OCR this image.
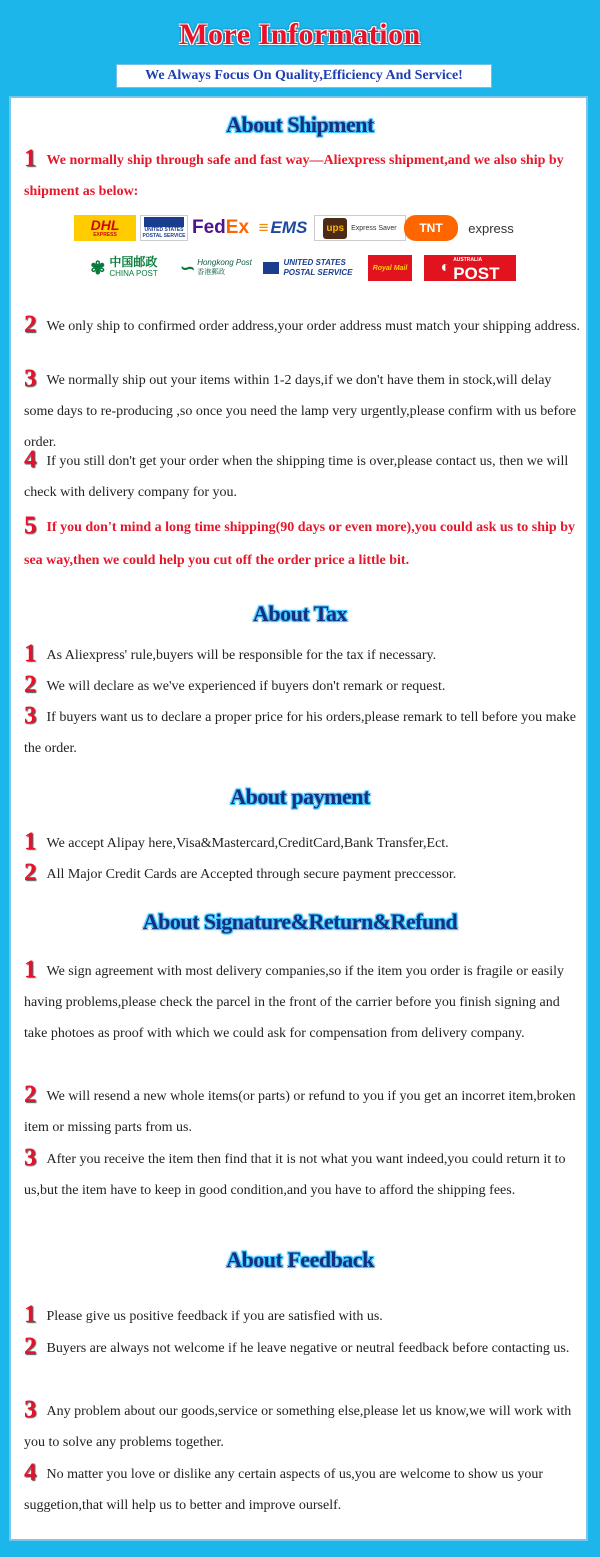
More Information
We Always Focus On Quality,Efficiency And Service!
About Shipment
1 We normally ship through safe and fast way—Aliexpress shipment,and we also ship by shipment as below:
DHL
EXPRESS
UNITED STATES
POSTAL SERVICE Fed Ex ≡ EMS	ups	Express Saver TNT	express
✾ 中国邮政
CHINA POST ∽ Hongkong Post
香港郵政
UNITED STATES
POSTAL SERVICE	Royal Mail ◐ AUSTRALIA
POST
2 We only ship to confirmed order address,your order address must match your shipping address.
3 We normally ship out your items within 1-2 days,if we don't have them in stock,will delay some days to re-producing ,so once you need the lamp very urgently,please confirm with us before order.
4 If you still don't get your order when the shipping time is over,please contact us, then we will check with delivery company for you.
5 If you don't mind a long time shipping(90 days or even more),you could ask us to ship by sea way,then we could help you cut off the order price a little bit.
About Tax
1 As Aliexpress' rule,buyers will be responsible for the tax if necessary.
2 We will declare as we've experienced if buyers don't remark or request.
3 If buyers want us to declare a proper price for his orders,please remark to tell before you make the order.
About payment
1 We accept Alipay here,Visa&Mastercard,CreditCard,Bank Transfer,Ect.
2 All Major Credit Cards are Accepted through secure payment preccessor.
About Signature&Return&Refund
1 We sign agreement with most delivery companies,so if the item you order is fragile or easily having problems,please check the parcel in the front of the carrier before you finish signing and take photoes as proof with which we could ask for compensation from delivery company.
2 We will resend a new whole items(or parts) or refund to you if you get an incorret item,broken item or missing parts from us.
3 After you receive the item then find that it is not what you want indeed,you could return it to us,but the item have to keep in good condition,and you have to afford the shipping fees.
About Feedback
1 Please give us positive feedback if you are satisfied with us.
2 Buyers are always not welcome if he leave negative or neutral feedback before contacting us.
3 Any problem about our goods,service or something else,please let us know,we will work with you to solve any problems together.
4 No matter you love or dislike any certain aspects of us,you are welcome to show us your suggetion,that will help us to better and improve ourself.
